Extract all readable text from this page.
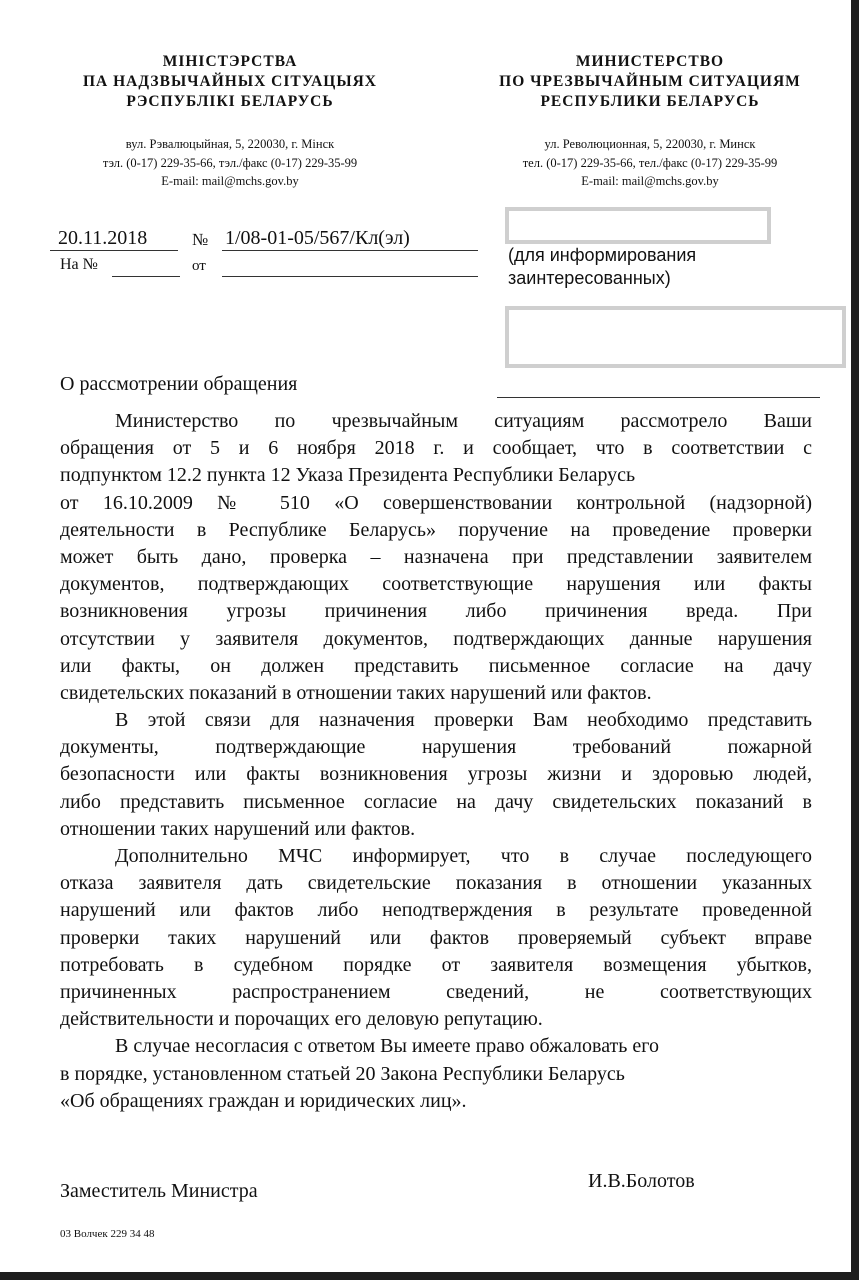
МІНІСТЭРСТВА
ПА НАДЗВЫЧАЙНЫХ СІТУАЦЫЯХ
РЭСПУБЛІКІ БЕЛАРУСЬ
вул. Рэвалюцыйная, 5, 220030, г. Мінск
тэл. (0-17) 229-35-66, тэл./факс (0-17) 229-35-99
E-mail: mail@mchs.gov.by
МИНИСТЕРСТВО
ПО ЧРЕЗВЫЧАЙНЫМ СИТУАЦИЯМ
РЕСПУБЛИКИ БЕЛАРУСЬ
ул. Революционная, 5, 220030, г. Минск
тел. (0-17) 229-35-66, тел./факс (0-17) 229-35-99
E-mail: mail@mchs.gov.by
20.11.2018	№ 1/08-01-05/567/Кл(эл)
На №	от
(для информирования
заинтересованных)
О рассмотрении обращения
Министерство по чрезвычайным ситуациям рассмотрело Ваши
обращения от 5 и 6 ноября 2018 г. и сообщает, что в соответствии с
подпунктом 12.2 пункта 12 Указа Президента Республики Беларусь
от 16.10.2009 № 510 «О совершенствовании контрольной (надзорной)
деятельности в Республике Беларусь» поручение на проведение проверки
может быть дано, проверка – назначена при представлении заявителем
документов, подтверждающих соответствующие нарушения или факты
возникновения угрозы причинения либо причинения вреда. При
отсутствии у заявителя документов, подтверждающих данные нарушения
или факты, он должен представить письменное согласие на дачу
свидетельских показаний в отношении таких нарушений или фактов.
В этой связи для назначения проверки Вам необходимо представить
документы, подтверждающие нарушения требований пожарной
безопасности или факты возникновения угрозы жизни и здоровью людей,
либо представить письменное согласие на дачу свидетельских показаний в
отношении таких нарушений или фактов.
Дополнительно МЧС информирует, что в случае последующего
отказа заявителя дать свидетельские показания в отношении указанных
нарушений или фактов либо неподтверждения в результате проведенной
проверки таких нарушений или фактов проверяемый субъект вправе
потребовать в судебном порядке от заявителя возмещения убытков,
причиненных распространением сведений, не соответствующих
действительности и порочащих его деловую репутацию.
В случае несогласия с ответом Вы имеете право обжаловать его
в порядке, установленном статьей 20 Закона Республики Беларусь
«Об обращениях граждан и юридических лиц».
Заместитель Министра	И.В.Болотов
03 Волчек 229 34 48
